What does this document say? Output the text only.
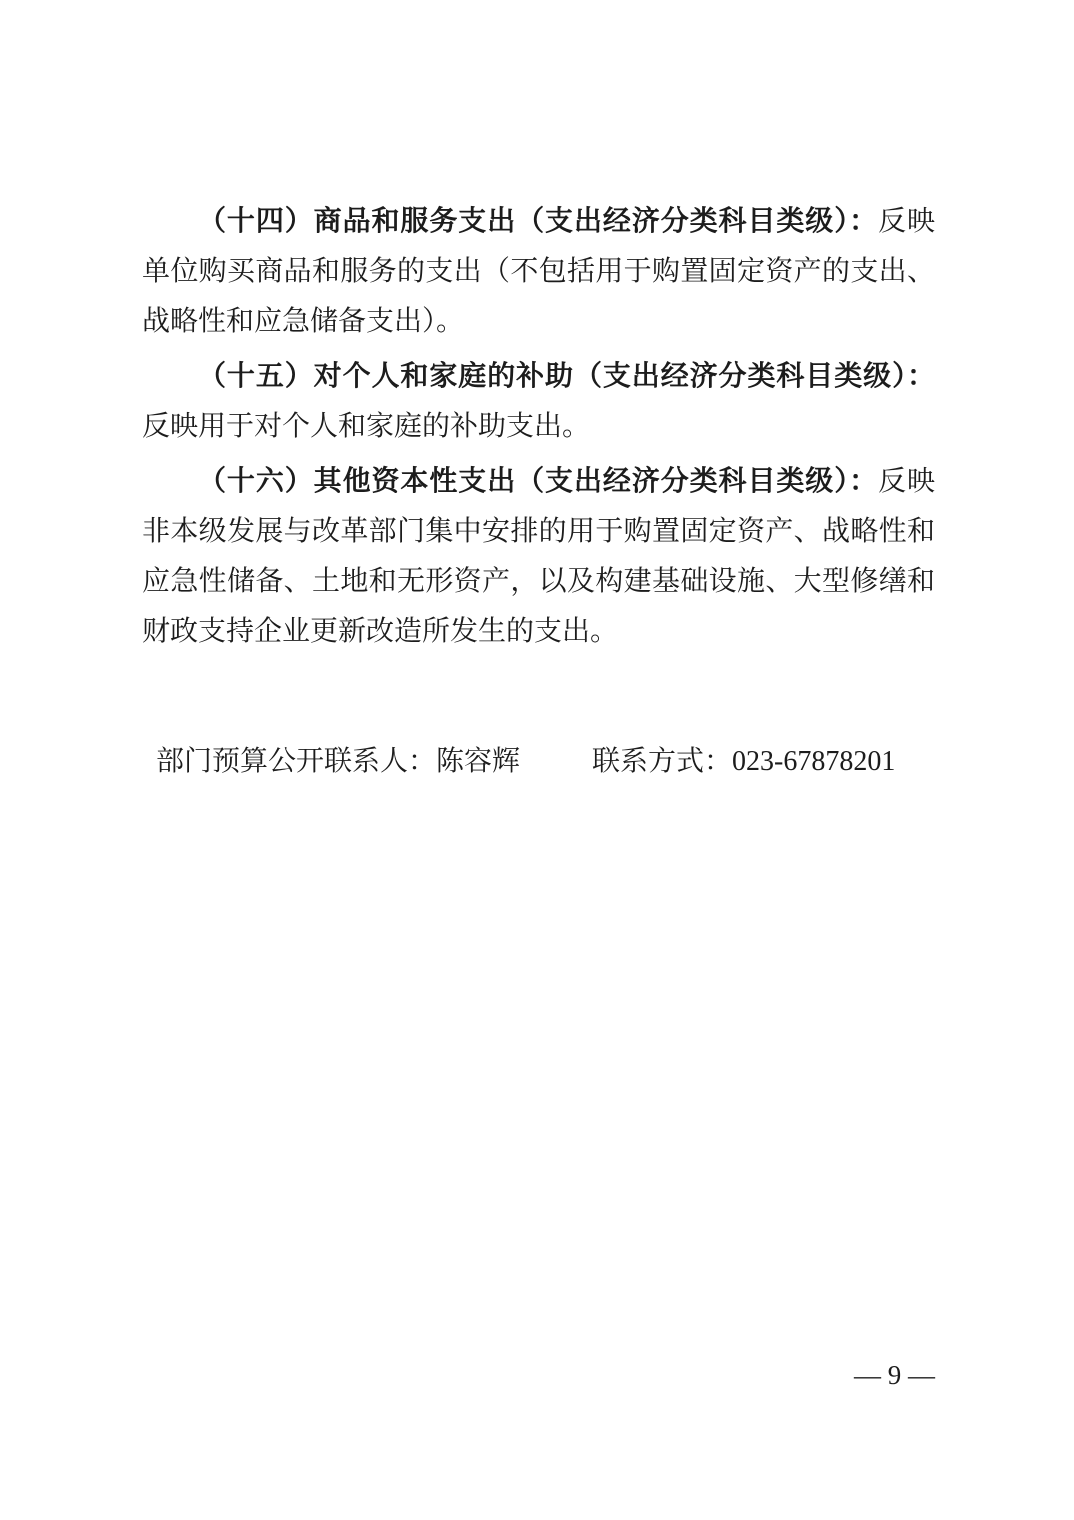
（十四）商品和服务支出（支出经济分类科目类级）：反映单位购买商品和服务的支出（不包括用于购置固定资产的支出、战略性和应急储备支出）。

（十五）对个人和家庭的补助（支出经济分类科目类级）：反映用于对个人和家庭的补助支出。

（十六）其他资本性支出（支出经济分类科目类级）：反映非本级发展与改革部门集中安排的用于购置固定资产、战略性和应急性储备、土地和无形资产，以及构建基础设施、大型修缮和财政支持企业更新改造所发生的支出。

部门预算公开联系人：陈容辉	联系方式：023-67878201

— 9 —
